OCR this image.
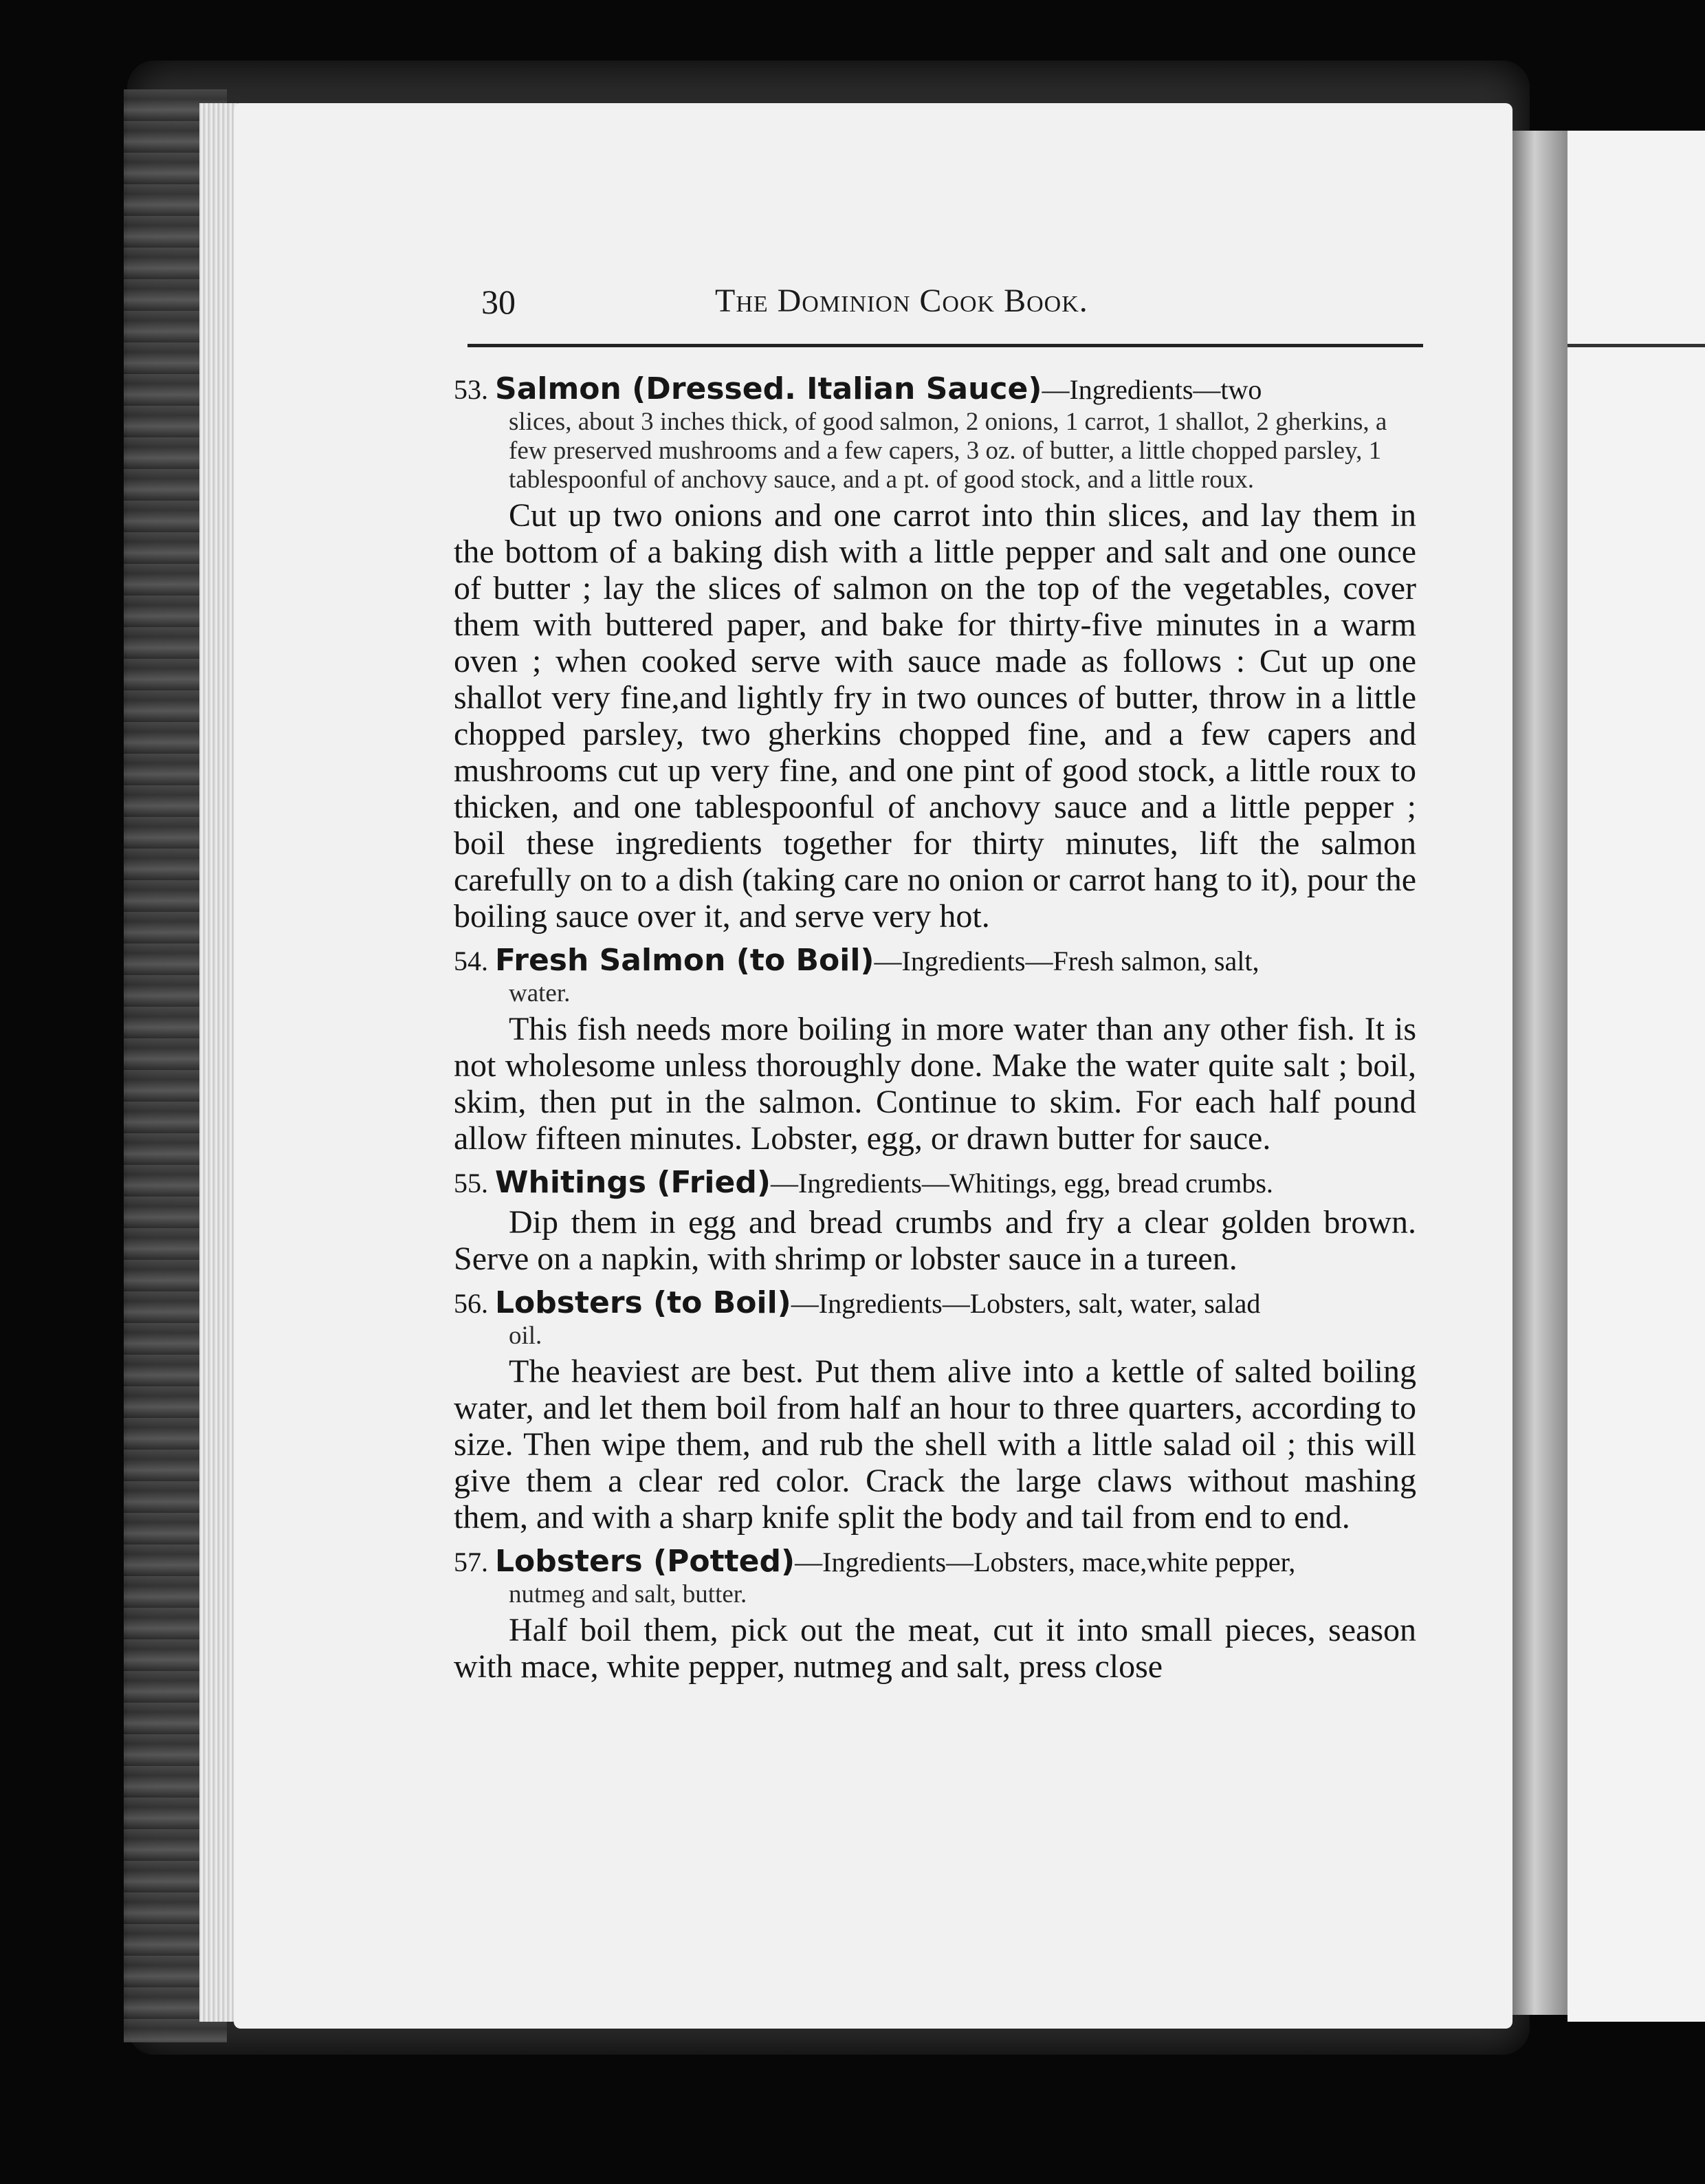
30	The Dominion Cook Book.
53. Salmon (Dressed. Italian Sauce)—Ingredients—two
slices, about 3 inches thick, of good salmon, 2 onions, 1 carrot, 1 shallot, 2 gherkins, a few preserved mushrooms and a few capers, 3 oz. of butter, a little chopped parsley, 1 tablespoonful of anchovy sauce, and a pt. of good stock, and a little roux.
Cut up two onions and one carrot into thin slices, and lay them in the bottom of a baking dish with a little pepper and salt and one ounce of butter ; lay the slices of salmon on the top of the vegetables, cover them with buttered paper, and bake for thirty-five minutes in a warm oven ; when cooked serve with sauce made as follows : Cut up one shallot very fine,and lightly fry in two ounces of butter, throw in a little chopped parsley, two gherkins chopped fine, and a few capers and mushrooms cut up very fine, and one pint of good stock, a little roux to thicken, and one tablespoonful of anchovy sauce and a little pepper ; boil these ingredients together for thirty minutes, lift the salmon carefully on to a dish (taking care no onion or carrot hang to it), pour the boiling sauce over it, and serve very hot.
54. Fresh Salmon (to Boil)—Ingredients—Fresh salmon, salt,
water.
This fish needs more boiling in more water than any other fish. It is not wholesome unless thoroughly done. Make the water quite salt ; boil, skim, then put in the salmon. Continue to skim. For each half pound allow fifteen minutes. Lobster, egg, or drawn butter for sauce.
55. Whitings (Fried)—Ingredients—Whitings, egg, bread crumbs.
Dip them in egg and bread crumbs and fry a clear golden brown. Serve on a napkin, with shrimp or lobster sauce in a tureen.
56. Lobsters (to Boil)—Ingredients—Lobsters, salt, water, salad
oil.
The heaviest are best. Put them alive into a kettle of salted boiling water, and let them boil from half an hour to three quarters, according to size. Then wipe them, and rub the shell with a little salad oil ; this will give them a clear red color. Crack the large claws without mashing them, and with a sharp knife split the body and tail from end to end.
57. Lobsters (Potted)—Ingredients—Lobsters, mace,white pepper,
nutmeg and salt, butter.
Half boil them, pick out the meat, cut it into small pieces, season with mace, white pepper, nutmeg and salt, press close
